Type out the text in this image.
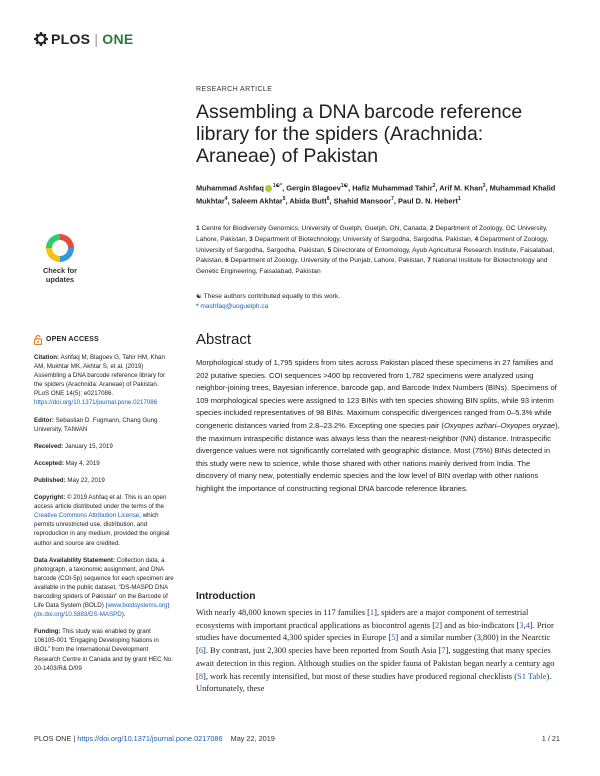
PLOS | ONE
RESEARCH ARTICLE
Assembling a DNA barcode reference library for the spiders (Arachnida: Araneae) of Pakistan
Muhammad Ashfaq $^{1☯*}$, Gergin Blagoev$^{1☯}$, Hafiz Muhammad Tahir$^2$, Arif M. Khan$^3$, Muhammad Khalid Mukhtar$^4$, Saleem Akhtar$^5$, Abida Butt$^6$, Shahid Mansoor$^7$, Paul D. N. Hebert$^1$
1 Centre for Biodiversity Genomics, University of Guelph, Guelph, ON, Canada, 2 Department of Zoology, GC University, Lahore, Pakistan, 3 Department of Biotechnology, University of Sargodha, Sargodha, Pakistan, 4 Department of Zoology, University of Sargodha, Sargodha, Pakistan, 5 Directorate of Entomology, Ayub Agricultural Research Institute, Faisalabad, Pakistan, 6 Department of Zoology, University of the Punjab, Lahore, Pakistan, 7 National Institute for Biotechnology and Genetic Engineering, Faisalabad, Pakistan
☯ These authors contributed equally to this work.
* mashfaq@uoguelph.ca
Check for
updates
OPEN ACCESS
Citation: Ashfaq M, Blagoev G, Tahir HM, Khan AM, Mukhtar MK, Akhtar S, et al. (2019) Assembling a DNA barcode reference library for the spiders (Arachnida: Araneae) of Pakistan. PLoS ONE 14(5): e0217086. https://doi.org/10.1371/journal.pone.0217086
Editor: Sebastian D. Fugmann, Chang Gung University, TAIWAN
Received: January 15, 2019
Accepted: May 4, 2019
Published: May 22, 2019
Copyright: © 2019 Ashfaq et al. This is an open access article distributed under the terms of the Creative Commons Attribution License, which permits unrestricted use, distribution, and reproduction in any medium, provided the original author and source are credited.
Data Availability Statement: Collection data, a photograph, a taxonomic assignment, and DNA barcode (COI-5p) sequence for each specimen are available in the public dataset, “DS-MASPD DNA barcoding spiders of Pakistan” on the Barcode of Life Data System (BOLD) (www.boldsystems.org) (dx.doi.org/10.5883/DS-MASPD).
Funding: This study was enabled by grant 106105-001 “Engaging Developing Nations in iBOL” from the International Development Research Centre in Canada and by grant HEC No. 20-1403/R& D/09
Abstract

Morphological study of 1,795 spiders from sites across Pakistan placed these specimens in 27 families and 202 putative species. COI sequences >400 bp recovered from 1,782 specimens were analyzed using neighbor-joining trees, Bayesian inference, barcode gap, and Barcode Index Numbers (BINs). Specimens of 109 morphological species were assigned to 123 BINs with ten species showing BIN splits, while 93 interim species included representatives of 98 BINs. Maximum conspecific divergences ranged from 0–5.3% while congeneric distances varied from 2.8–23.2%. Excepting one species pair (Oxyopes azhari–Oxyopes oryzae), the maximum intraspecific distance was always less than the nearest-neighbor (NN) distance. Intraspecific divergence values were not significantly correlated with geographic distance. Most (75%) BINs detected in this study were new to science, while those shared with other nations mainly derived from India. The discovery of many new, potentially endemic species and the low level of BIN overlap with other nations highlight the importance of constructing regional DNA barcode reference libraries.

Introduction

With nearly 48,000 known species in 117 families [1], spiders are a major component of terrestrial ecosystems with important practical applications as biocontrol agents [2] and as bio-indicators [3,4]. Prior studies have documented 4,300 spider species in Europe [5] and a similar number (3,800) in the Nearctic [6]. By contrast, just 2,300 species have been reported from South Asia [7], suggesting that many species await detection in this region. Although studies on the spider fauna of Pakistan began nearly a century ago [8], work has recently intensified, but most of these studies have produced regional checklists (S1 Table). Unfortunately, these

PLOS ONE | https://doi.org/10.1371/journal.pone.0217086 May 22, 2019	1 / 21
